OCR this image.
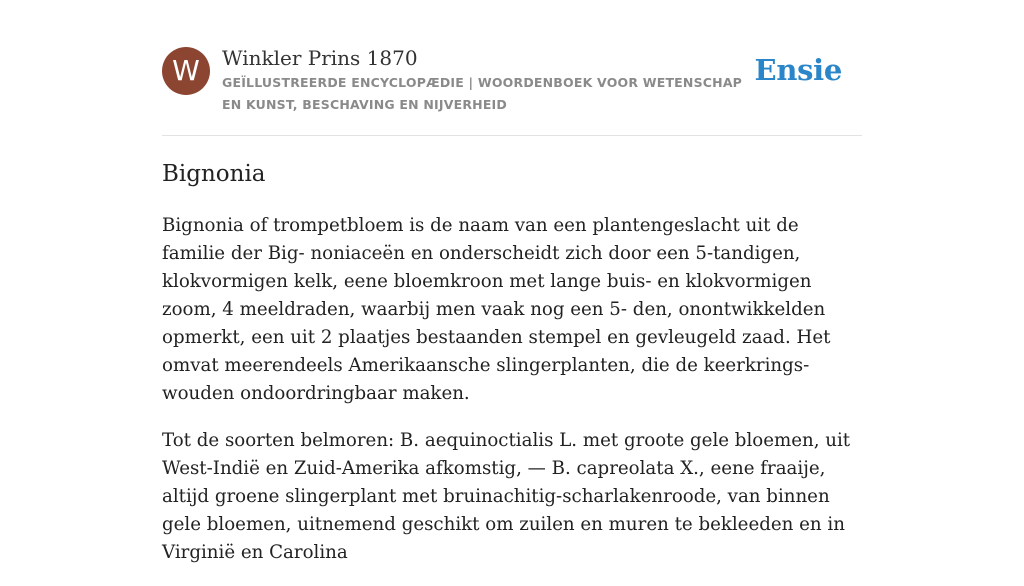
W	Winkler Prins 1870
GEÏLLUSTREERDE ENCYCLOPÆDIE | WOORDENBOEK VOOR WETENSCHAP EN KUNST, BESCHAVING EN NIJVERHEID
Ensie
Bignonia

Bignonia of trompetbloem is de naam van een plantengeslacht uit de familie der Big- noniaceën en onderscheidt zich door een 5-tandigen, klokvormigen kelk, eene bloemkroon met lange buis- en klokvormigen zoom, 4 meeldraden, waarbij men vaak nog een 5- den, onontwikkelden opmerkt, een uit 2 plaatjes bestaanden stempel en gevleugeld zaad. Het omvat meerendeels Amerikaansche slingerplanten, die de keerkrings-wouden ondoordringbaar maken.

Tot de soorten belmoren: B. aequinoctialis L. met groote gele bloemen, uit West-Indië en Zuid-Amerika afkomstig, — B. capreolata X., eene fraaije, altijd groene slingerplant met bruinachitig-scharlakenroode, van binnen gele bloemen, uitnemend geschikt om zuilen en muren te bekleeden en in Virginië en Carolina
